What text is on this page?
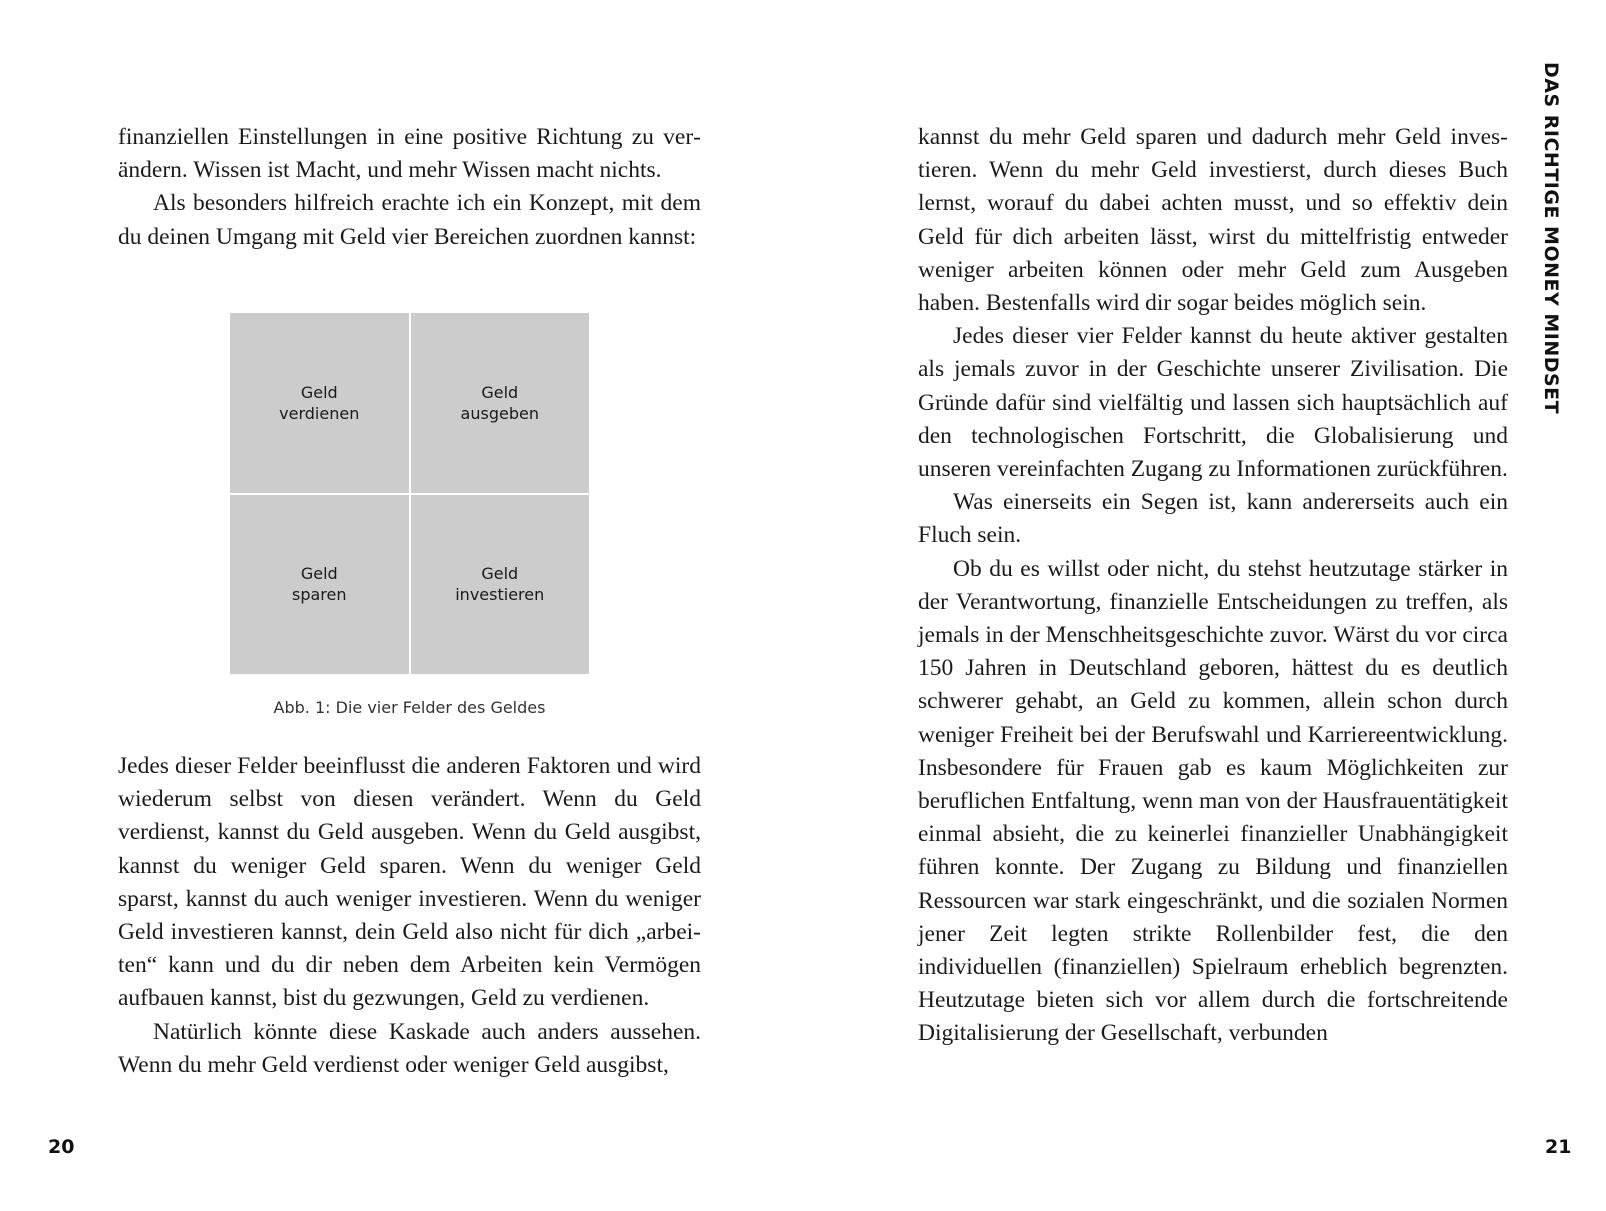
finanziellen Einstellungen in eine positive Richtung zu verändern. Wissen ist Macht, und mehr Wissen macht nichts.

Als besonders hilfreich erachte ich ein Konzept, mit dem du deinen Umgang mit Geld vier Bereichen zuordnen kannst:

Geld
verdienen
Geld
ausgeben
Geld
sparen
Geld
investieren
Abb. 1: Die vier Felder des Geldes

Jedes dieser Felder beeinflusst die anderen Faktoren und wird wiederum selbst von diesen verändert. Wenn du Geld verdienst, kannst du Geld ausgeben. Wenn du Geld ausgibst, kannst du weniger Geld sparen. Wenn du weniger Geld sparst, kannst du auch weniger investieren. Wenn du weniger Geld investieren kannst, dein Geld also nicht für dich „arbeiten“ kann und du dir neben dem Arbeiten kein Vermögen aufbauen kannst, bist du gezwungen, Geld zu verdienen.

Natürlich könnte diese Kaskade auch anders aussehen. Wenn du mehr Geld verdienst oder weniger Geld ausgibst,

20
DAS RICHTIGE MONEY MINDSET

kannst du mehr Geld sparen und dadurch mehr Geld investieren. Wenn du mehr Geld investierst, durch dieses Buch lernst, worauf du dabei achten musst, und so effektiv dein Geld für dich arbeiten lässt, wirst du mittelfristig entweder weniger arbeiten können oder mehr Geld zum Ausgeben haben. Bestenfalls wird dir sogar beides möglich sein.

Jedes dieser vier Felder kannst du heute aktiver gestalten als jemals zuvor in der Geschichte unserer Zivilisation. Die Gründe dafür sind vielfältig und lassen sich hauptsächlich auf den technologischen Fortschritt, die Globalisierung und unseren vereinfachten Zugang zu Informationen zurückführen.

Was einerseits ein Segen ist, kann andererseits auch ein Fluch sein.

Ob du es willst oder nicht, du stehst heutzutage stärker in der Verantwortung, finanzielle Entscheidungen zu treffen, als jemals in der Menschheitsgeschichte zuvor. Wärst du vor circa 150 Jahren in Deutschland geboren, hättest du es deutlich schwerer gehabt, an Geld zu kommen, allein schon durch weniger Freiheit bei der Berufswahl und Karriereentwicklung. Insbesondere für Frauen gab es kaum Möglichkeiten zur beruflichen Entfaltung, wenn man von der Hausfrauentätigkeit einmal absieht, die zu keinerlei finanzieller Unabhängigkeit führen konnte. Der Zugang zu Bildung und finanziellen Ressourcen war stark eingeschränkt, und die sozialen Normen jener Zeit legten strikte Rollenbilder fest, die den individuellen (finanziellen) Spielraum erheblich begrenzten. Heutzutage bieten sich vor allem durch die fortschreitende Digitalisierung der Gesellschaft, verbunden

21
